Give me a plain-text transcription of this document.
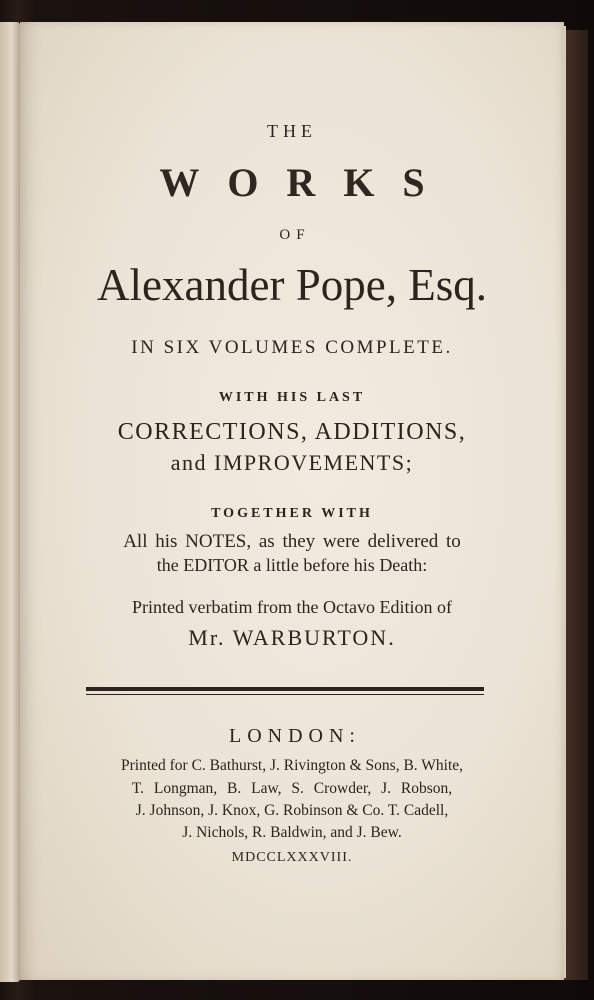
THE
WORKS
OF
Alexander Pope, Esq.
IN SIX VOLUMES COMPLETE.
WITH HIS LAST
CORRECTIONS, ADDITIONS,
and IMPROVEMENTS;
TOGETHER WITH
All his NOTES, as they were delivered to
the EDITOR a little before his Death:
Printed verbatim from the Octavo Edition of
Mr. WARBURTON.
LONDON:
Printed for C. Bathurst, J. Rivington & Sons, B. White,
T. Longman, B. Law, S. Crowder, J. Robson,
J. Johnson, J. Knox, G. Robinson & Co. T. Cadell,
J. Nichols, R. Baldwin, and J. Bew.
MDCCLXXXVIII.
